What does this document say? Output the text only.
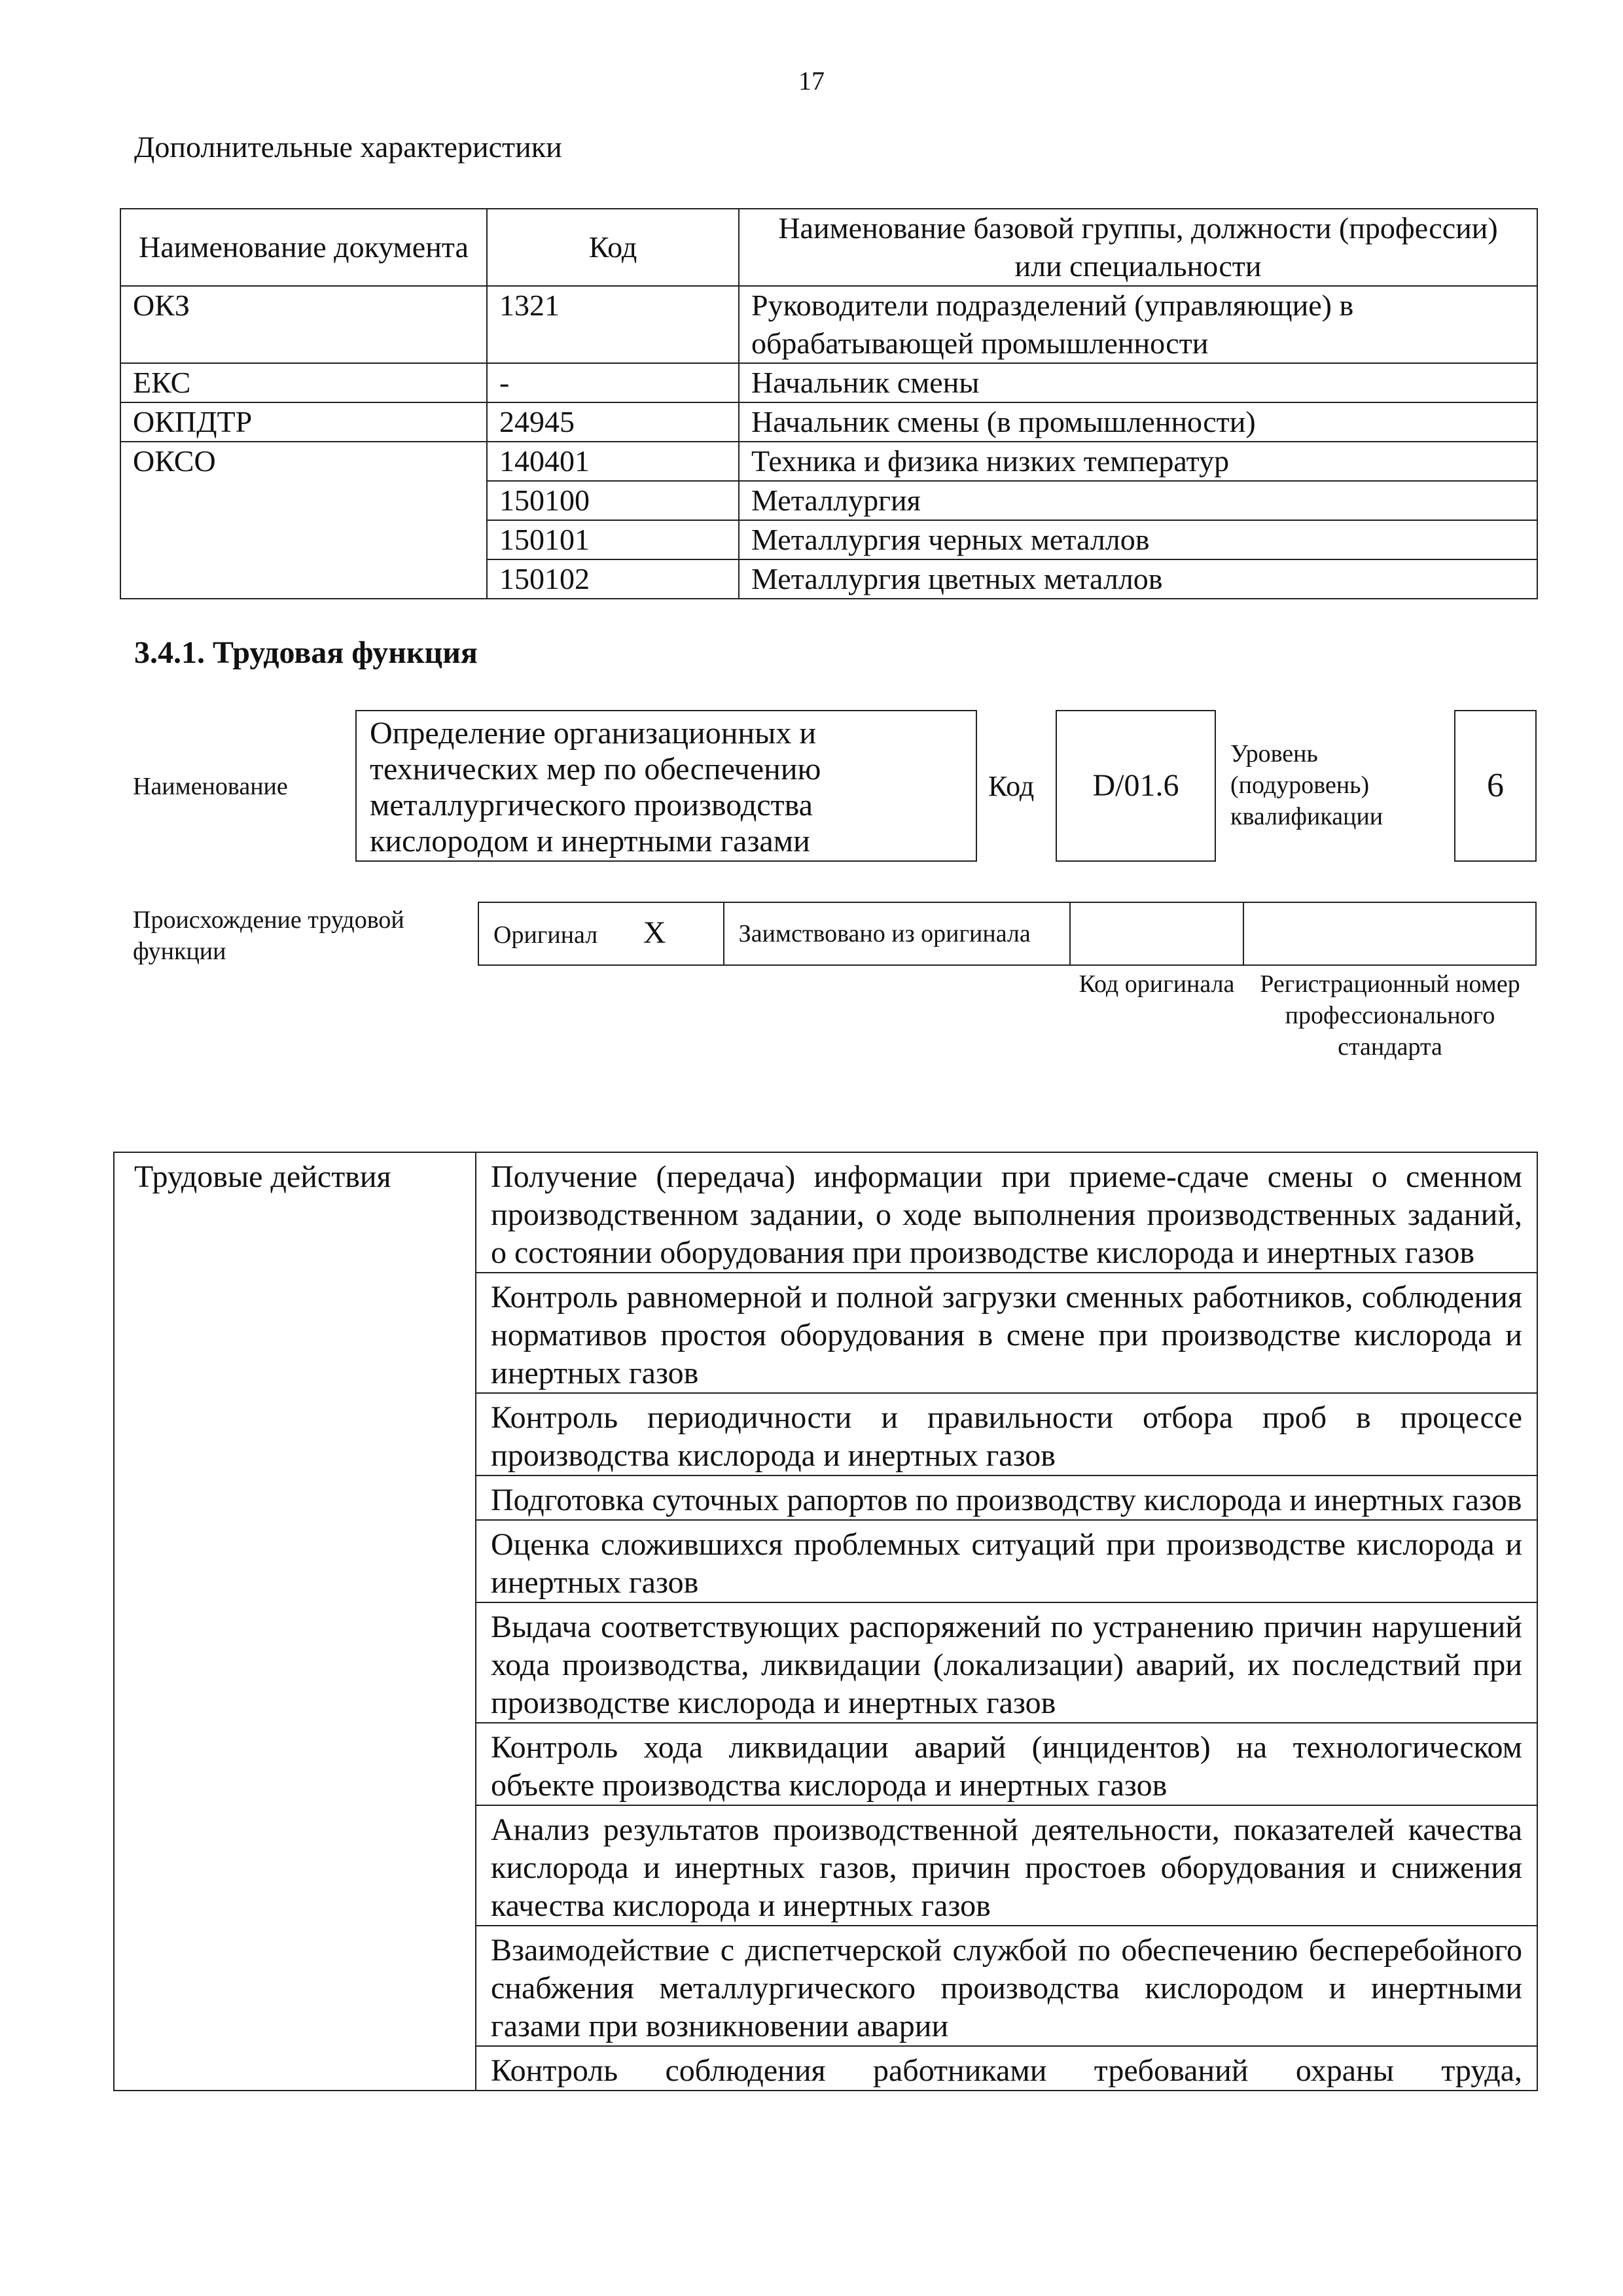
17
Дополнительные характеристики
Наименование документа	Код	Наименование базовой группы, должности (профессии) или специальности
ОКЗ	1321	Руководители подразделений (управляющие) в обрабатывающей промышленности
ЕКС	-	Начальник смены
ОКПДТР	24945	Начальник смены (в промышленности)
ОКСО	140401	Техника и физика низких температур
	150100	Металлургия
	150101	Металлургия черных металлов
	150102	Металлургия цветных металлов
3.4.1. Трудовая функция
Наименование
Определение организационных и технических мер по обеспечению металлургического производства кислородом и инертными газами
Код	D/01.6
Уровень (подуровень) квалификации
6
Происхождение трудовой функции
Оригинал X	Заимствовано из оригинала		
Код оригинала	Регистрационный номер профессионального стандарта
Трудовые действия	Получение (передача) информации при приеме-сдаче смены о сменном производственном задании, о ходе выполнения производственных заданий, о состоянии оборудования при производстве кислорода и инертных газов
Контроль равномерной и полной загрузки сменных работников, соблюдения нормативов простоя оборудования в смене при производстве кислорода и инертных газов
Контроль периодичности и правильности отбора проб в процессе производства кислорода и инертных газов
Подготовка суточных рапортов по производству кислорода и инертных газов
Оценка сложившихся проблемных ситуаций при производстве кислорода и инертных газов
Выдача соответствующих распоряжений по устранению причин нарушений хода производства, ликвидации (локализации) аварий, их последствий при производстве кислорода и инертных газов
Контроль хода ликвидации аварий (инцидентов) на технологическом объекте производства кислорода и инертных газов
Анализ результатов производственной деятельности, показателей качества кислорода и инертных газов, причин простоев оборудования и снижения качества кислорода и инертных газов
Взаимодействие с диспетчерской службой по обеспечению бесперебойного снабжения металлургического производства кислородом и инертными газами при возникновении аварии
Контроль соблюдения работниками требований охраны труда,
